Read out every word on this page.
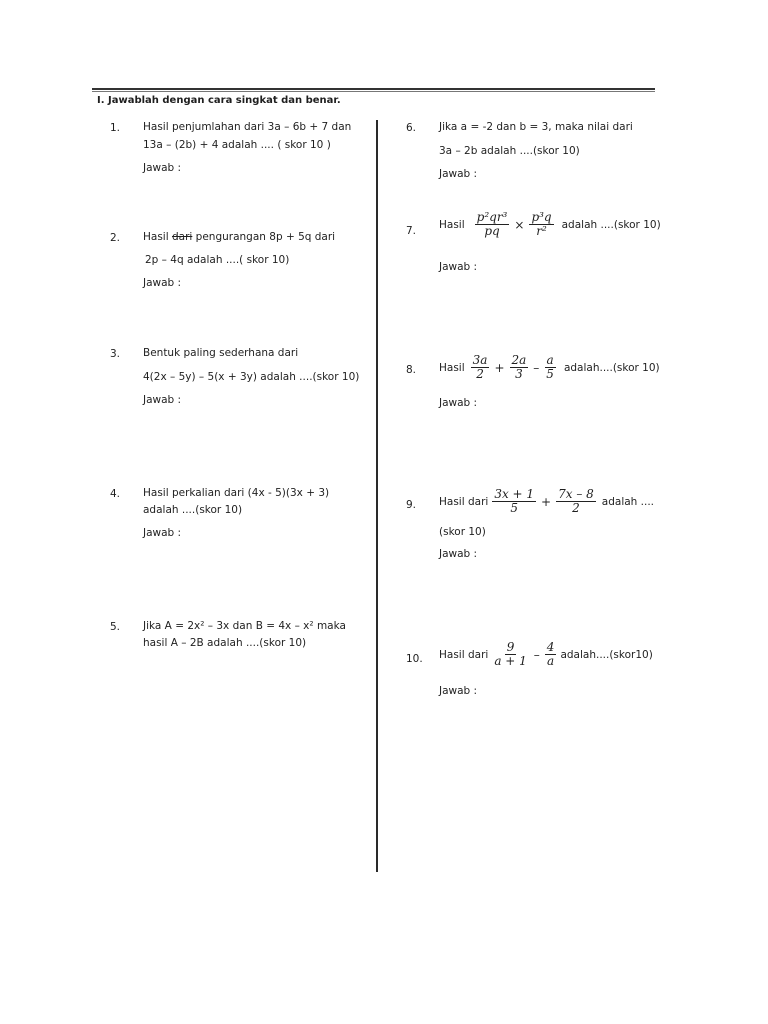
I. Jawablah dengan cara singkat dan benar.
1. Hasil penjumlahan dari 3a – 6b + 7 dan
13a – (2b) + 4 adalah .... ( skor 10 )
Jawab :
2. Hasil dari pengurangan 8p + 5q dari
2p – 4q adalah ....( skor 10)
Jawab :
3. Bentuk paling sederhana dari
4(2x – 5y) – 5(x + 3y) adalah ....(skor 10)
Jawab :
4. Hasil perkalian dari (4x - 5)(3x + 3)
adalah ....(skor 10)
Jawab :
5. Jika A = 2x² – 3x dan B = 4x – x² maka
hasil A – 2B adalah ....(skor 10)
6. Jika a = -2 dan b = 3, maka nilai dari
3a – 2b adalah ....(skor 10)
Jawab :
7.
Hasil $\frac{\text{p²qr³}}{pq} \times \frac{\text{p³q}}{\text{r²}}$ adalah ....(skor 10)
Jawab :
8. Hasil $\frac{3a}{2} + \frac{2a}{3} - \frac{a}{5}$ adalah....(skor 10)
Jawab :
9. Hasil dari $\frac{3x + 1}{5} + \frac{7x - 8}{2}$ adalah ....
(skor 10)
Jawab :
10. Hasil dari $\frac{9}{a + 1} - \frac{4}{a}$ adalah....(skor10)
Jawab :
